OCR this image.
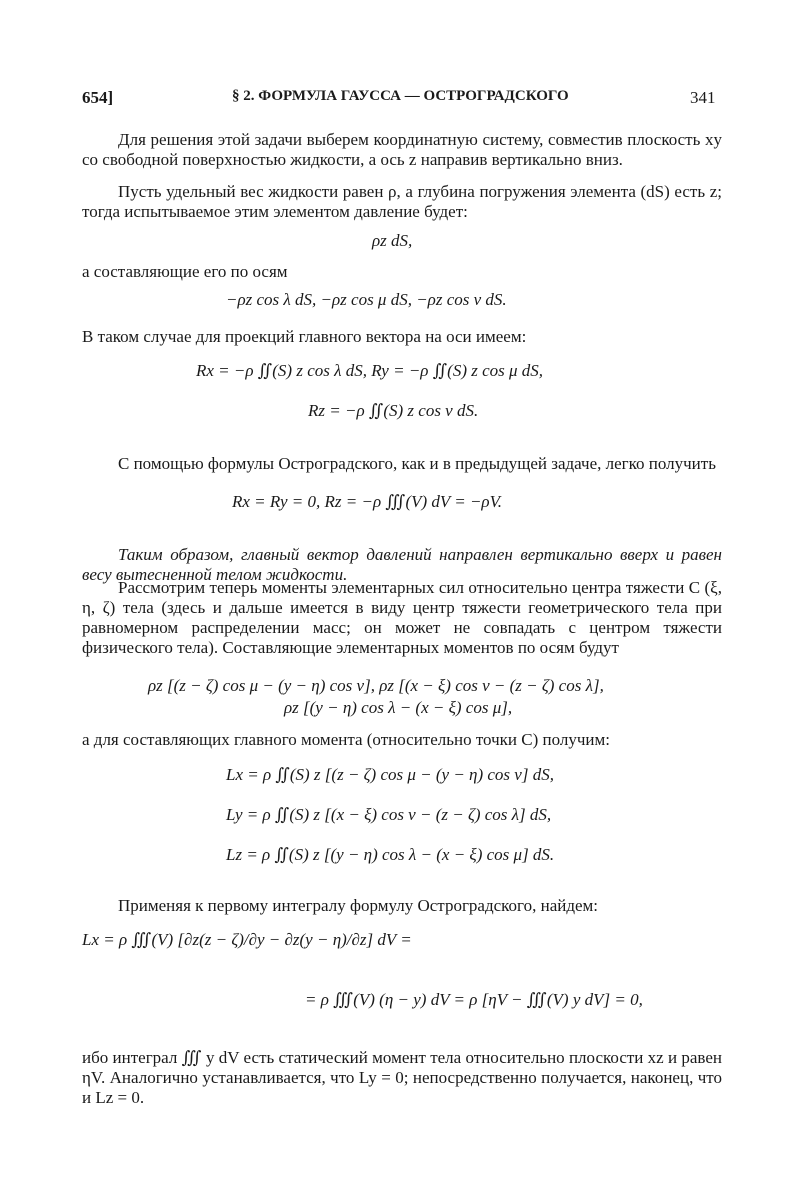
654]	§ 2. ФОРМУЛА ГАУССА — ОСТРОГРАДСКОГО	341
Для решения этой задачи выберем координатную систему, совместив плоскость xy со свободной поверхностью жидкости, а ось z направив вертикально вниз.
Пусть удельный вес жидкости равен ρ, а глубина погружения элемента (dS) есть z; тогда испытываемое этим элементом давление будет:
ρz dS,
а составляющие его по осям
−ρz cos λ dS, −ρz cos μ dS, −ρz cos ν dS.
В таком случае для проекций главного вектора на оси имеем:
Rx = −ρ ∬(S) z cos λ dS, Ry = −ρ ∬(S) z cos μ dS,
Rz = −ρ ∬(S) z cos ν dS.
С помощью формулы Остроградского, как и в предыдущей задаче, легко получить
Rx = Ry = 0, Rz = −ρ ∭(V) dV = −ρV.
Таким образом, главный вектор давлений направлен вертикально вверх и равен весу вытесненной телом жидкости.
Рассмотрим теперь моменты элементарных сил относительно центра тяжести C (ξ, η, ζ) тела (здесь и дальше имеется в виду центр тяжести геометрического тела при равномерном распределении масс; он может не совпадать с центром тяжести физического тела). Составляющие элементарных моментов по осям будут
ρz [(z − ζ) cos μ − (y − η) cos ν], ρz [(x − ξ) cos ν − (z − ζ) cos λ],
ρz [(y − η) cos λ − (x − ξ) cos μ],
а для составляющих главного момента (относительно точки C) получим:
Lx = ρ ∬(S) z [(z − ζ) cos μ − (y − η) cos ν] dS,
Ly = ρ ∬(S) z [(x − ξ) cos ν − (z − ζ) cos λ] dS,
Lz = ρ ∬(S) z [(y − η) cos λ − (x − ξ) cos μ] dS.
Применяя к первому интегралу формулу Остроградского, найдем:
Lx = ρ ∭(V) [∂z(z − ζ)/∂y − ∂z(y − η)/∂z] dV =
= ρ ∭(V) (η − y) dV = ρ [ηV − ∭(V) y dV] = 0,
ибо интеграл ∭ y dV есть статический момент тела относительно плоскости xz и равен ηV. Аналогично устанавливается, что Ly = 0; непосредственно получается, наконец, что и Lz = 0.
